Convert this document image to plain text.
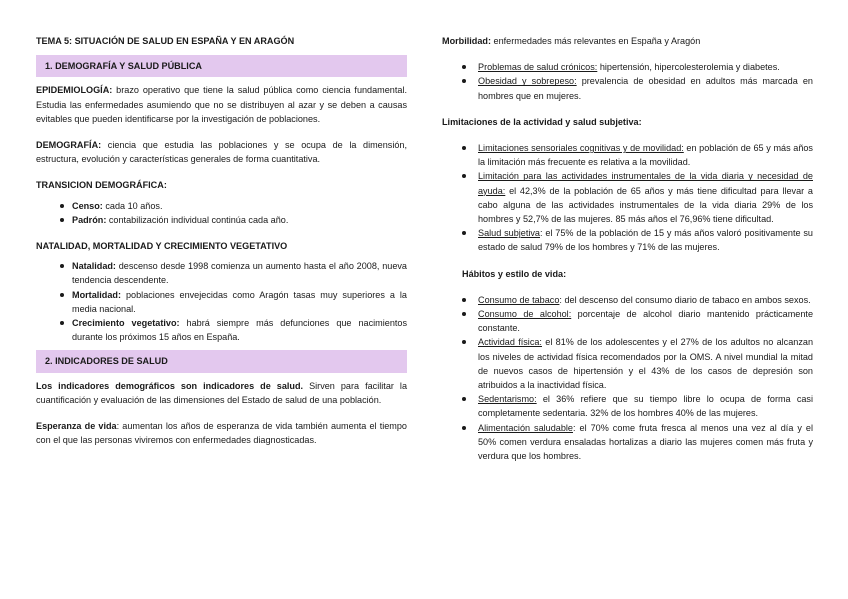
TEMA 5: SITUACIÓN DE SALUD EN ESPAÑA Y EN ARAGÓN
1. DEMOGRAFÍA Y SALUD PÚBLICA

EPIDEMIOLOGÍA: brazo operativo que tiene la salud pública como ciencia fundamental. Estudia las enfermedades asumiendo que no se distribuyen al azar y se deben a causas evitables que pueden identificarse por la investigación de poblaciones.

DEMOGRAFÍA: ciencia que estudia las poblaciones y se ocupa de la dimensión, estructura, evolución y características generales de forma cuantitativa.

TRANSICION DEMOGRÁFICA:

Censo: cada 10 años.
Padrón: contabilización individual continúa cada año.

NATALIDAD, MORTALIDAD Y CRECIMIENTO VEGETATIVO

Natalidad: descenso desde 1998 comienza un aumento hasta el año 2008, nueva tendencia descendente.
Mortalidad: poblaciones envejecidas como Aragón tasas muy superiores a la media nacional.
Crecimiento vegetativo: habrá siempre más defunciones que nacimientos durante los próximos 15 años en España.
2. INDICADORES DE SALUD

Los indicadores demográficos son indicadores de salud. Sirven para facilitar la cuantificación y evaluación de las dimensiones del Estado de salud de una población.

Esperanza de vida: aumentan los años de esperanza de vida también aumenta el tiempo con el que las personas viviremos con enfermedades diagnosticadas.

Morbilidad: enfermedades más relevantes en España y Aragón

Problemas de salud crónicos: hipertensión, hipercolesterolemia y diabetes.
Obesidad y sobrepeso: prevalencia de obesidad en adultos más marcada en hombres que en mujeres.

Limitaciones de la actividad y salud subjetiva:

Limitaciones sensoriales cognitivas y de movilidad: en población de 65 y más años la limitación más frecuente es relativa a la movilidad.
Limitación para las actividades instrumentales de la vida diaria y necesidad de ayuda: el 42,3% de la población de 65 años y más tiene dificultad para llevar a cabo alguna de las actividades instrumentales de la vida diaria 29% de los hombres y 52,7% de las mujeres. 85 más años el 76,96% tiene dificultad.
Salud subjetiva: el 75% de la población de 15 y más años valoró positivamente su estado de salud 79% de los hombres y 71% de las mujeres.

Hábitos y estilo de vida:

Consumo de tabaco: del descenso del consumo diario de tabaco en ambos sexos.
Consumo de alcohol: porcentaje de alcohol diario mantenido prácticamente constante.
Actividad física: el 81% de los adolescentes y el 27% de los adultos no alcanzan los niveles de actividad física recomendados por la OMS. A nivel mundial la mitad de nuevos casos de hipertensión y el 43% de los casos de depresión son atribuidos a la inactividad física.
Sedentarismo: el 36% refiere que su tiempo libre lo ocupa de forma casi completamente sedentaria. 32% de los hombres 40% de las mujeres.
Alimentación saludable: el 70% come fruta fresca al menos una vez al día y el 50% comen verdura ensaladas hortalizas a diario las mujeres comen más fruta y verdura que los hombres.
